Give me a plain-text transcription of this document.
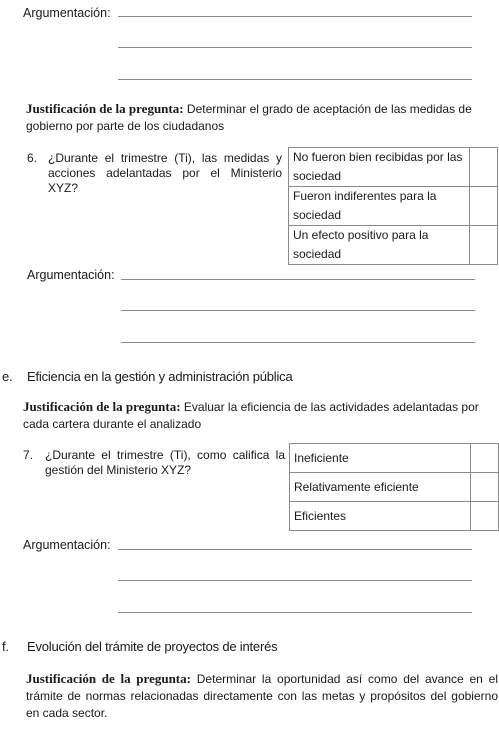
Argumentación:
Justificación de la pregunta: Determinar el grado de aceptación de las medidas de gobierno por parte de los ciudadanos
6. ¿Durante el trimestre (Ti), las medidas y acciones adelantadas por el Ministerio XYZ?
No fueron bien recibidas por las sociedad	
Fueron indiferentes para la sociedad	
Un efecto positivo para la sociedad	
Argumentación:
e. Eficiencia en la gestión y administración pública
Justificación de la pregunta: Evaluar la eficiencia de las actividades adelantadas por cada cartera durante el analizado
7. ¿Durante el trimestre (Ti), como califica la gestión del Ministerio XYZ?
Ineficiente	
Relativamente eficiente	
Eficientes	
Argumentación:
f. Evolución del trámite de proyectos de interés
Justificación de la pregunta: Determinar la oportunidad así como del avance en el trámite de normas relacionadas directamente con las metas y propósitos del gobierno en cada sector.
